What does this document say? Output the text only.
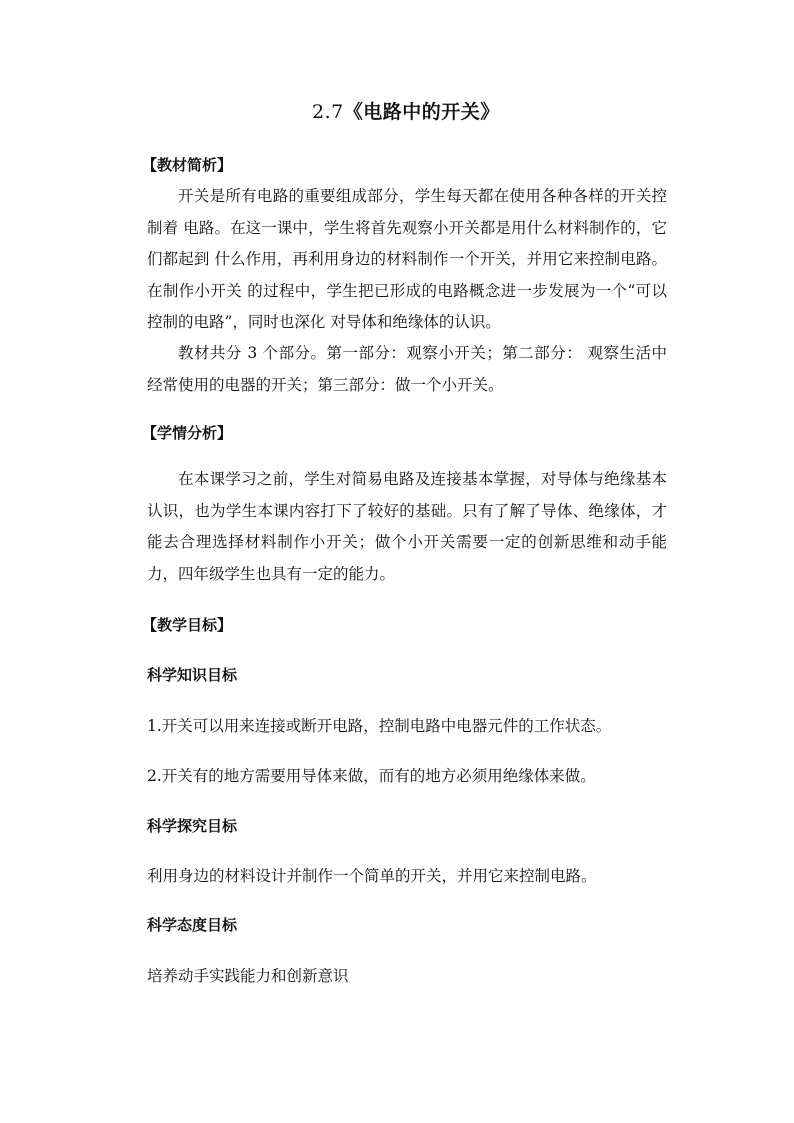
2.7《电路中的开关》
【教材简析】
开关是所有电路的重要组成部分，学生每天都在使用各种各样的开关控制着 电路。在这一课中，学生将首先观察小开关都是用什么材料制作的，它们都起到 什么作用，再利用身边的材料制作一个开关，并用它来控制电路。在制作小开关 的过程中，学生把已形成的电路概念进一步发展为一个“可以控制的电路”，同时也深化 对导体和绝缘体的认识。
教材共分 3 个部分。第一部分：观察小开关；第二部分： 观察生活中经常使用的电器的开关；第三部分：做一个小开关。
【学情分析】
在本课学习之前，学生对简易电路及连接基本掌握，对导体与绝缘基本认识，也为学生本课内容打下了较好的基础。只有了解了导体、绝缘体，才能去合理选择材料制作小开关；做个小开关需要一定的创新思维和动手能力，四年级学生也具有一定的能力。
【教学目标】
科学知识目标
1.开关可以用来连接或断开电路，控制电路中电器元件的工作状态。
2.开关有的地方需要用导体来做，而有的地方必须用绝缘体来做。
科学探究目标
利用身边的材料设计并制作一个简单的开关，并用它来控制电路。
科学态度目标
培养动手实践能力和创新意识
